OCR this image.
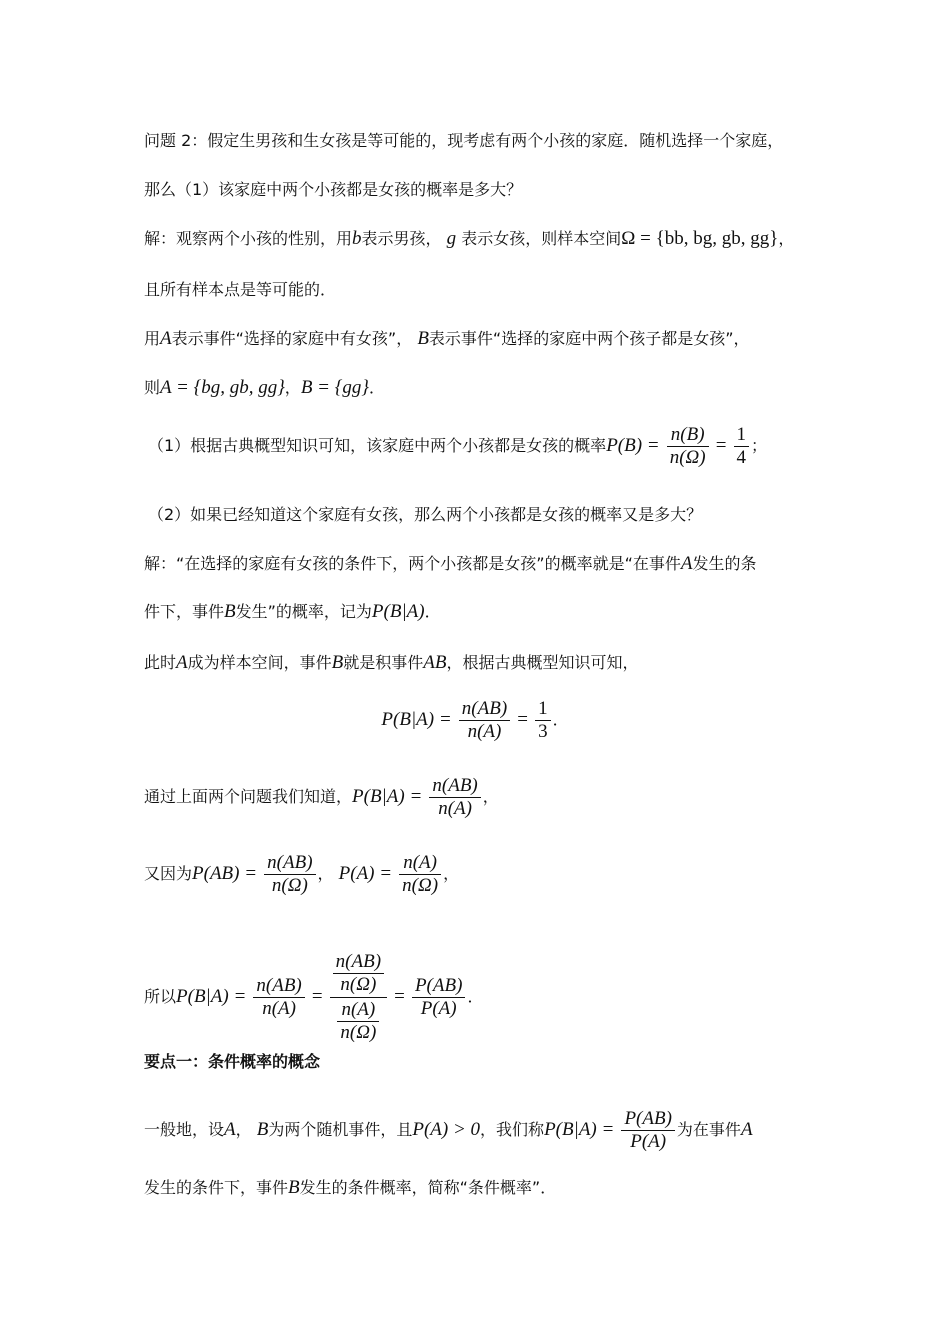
问题 2：假定生男孩和生女孩是等可能的，现考虑有两个小孩的家庭．随机选择一个家庭，
那么（1）该家庭中两个小孩都是女孩的概率是多大？
解：观察两个小孩的性别，用b表示男孩， g 表示女孩，则样本空间Ω = {bb, bg, gb, gg}，
且所有样本点是等可能的．
用A表示事件“选择的家庭中有女孩”， B表示事件“选择的家庭中两个孩子都是女孩”，
则A = {bg, gb, gg}，B = {gg}．
（1）根据古典概型知识可知，该家庭中两个小孩都是女孩的概率$P(B) = \frac{n(B)}{n(\Omega)} = \frac{1}{4}$ ；
（2）如果已经知道这个家庭有女孩，那么两个小孩都是女孩的概率又是多大？
解：“在选择的家庭有女孩的条件下，两个小孩都是女孩”的概率就是“在事件A发生的条
件下，事件B发生”的概率，记为P(B|A)．
此时A成为样本空间，事件B就是积事件AB，根据古典概型知识可知，
$P(B|A) = \frac{n(AB)}{n(A)} = \frac{1}{3}$ ．
通过上面两个问题我们知道，$P(B|A) = \frac{n(AB)}{n(A)}$ ，
又因为$P(AB) = \frac{n(AB)}{n(\Omega)}$ ， $P(A) = \frac{n(A)}{n(\Omega)}$ ，
所以$P(B|A) = \frac{n(AB)}{n(A)} = \frac{\frac{n(AB)}{n(\Omega)}}{\frac{n(A)}{n(\Omega)}} = \frac{P(AB)}{P(A)}$ ．
要点一：条件概率的概念
一般地，设A， B为两个随机事件，且P(A) > 0，我们称$P(B|A) = \frac{P(AB)}{P(A)}$ 为在事件A
发生的条件下，事件B发生的条件概率，简称“条件概率”．
